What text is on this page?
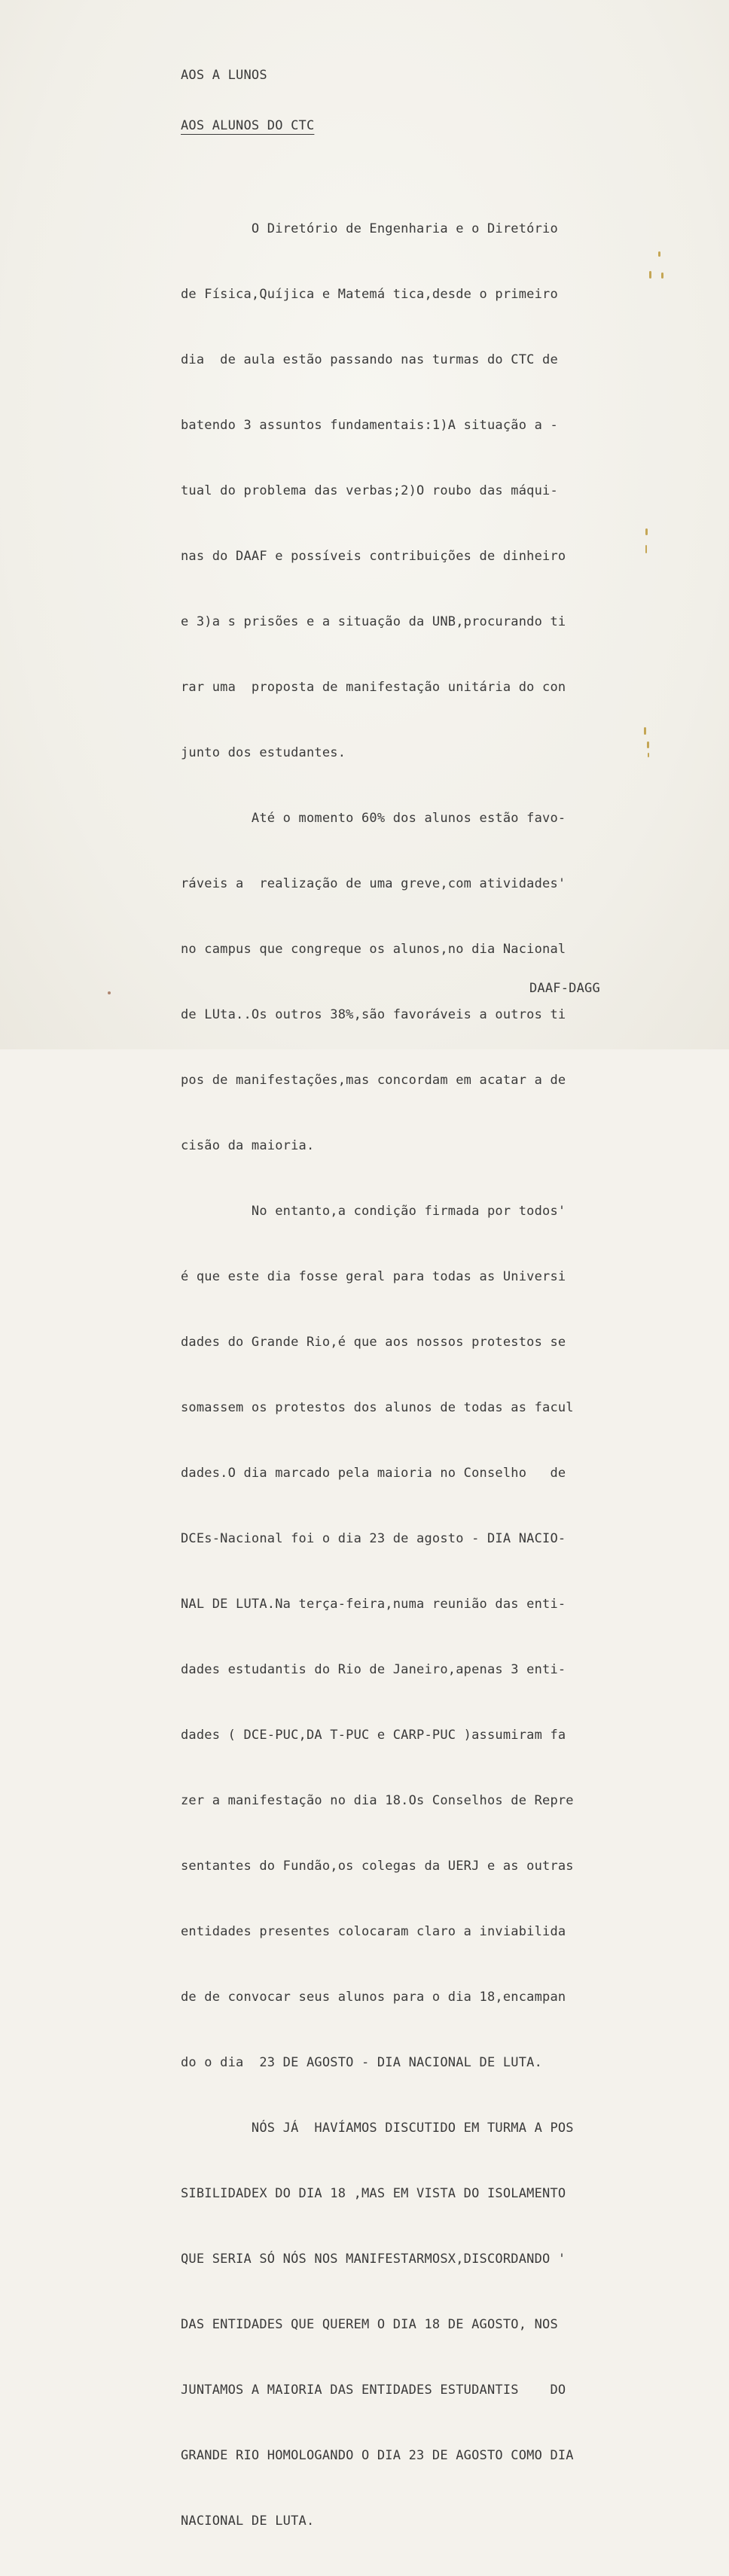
AOS A LUNOS
AOS ALUNOS DO CTC

O Diretório de Engenharia e o Diretório

de Física,Quíjica e Matemá tica,desde o primeiro

dia  de aula estão passando nas turmas do CTC de

batendo 3 assuntos fundamentais:1)A situação a -

tual do problema das verbas;2)O roubo das máqui-

nas do DAAF e possíveis contribuições de dinheiro

e 3)a s prisões e a situação da UNB,procurando ti

rar uma  proposta de manifestação unitária do con

junto dos estudantes.

Até o momento 60% dos alunos estão favo-

ráveis a  realização de uma greve,com atividades'

no campus que congreque os alunos,no dia Nacional

de LUta..Os outros 38%,são favoráveis a outros ti

pos de manifestações,mas concordam em acatar a de

cisão da maioria.

No entanto,a condição firmada por todos'

é que este dia fosse geral para todas as Universi

dades do Grande Rio,é que aos nossos protestos se

somassem os protestos dos alunos de todas as facul

dades.O dia marcado pela maioria no Conselho   de

DCEs-Nacional foi o dia 23 de agosto - DIA NACIO-

NAL DE LUTA.Na terça-feira,numa reunião das enti-

dades estudantis do Rio de Janeiro,apenas 3 enti-

dades ( DCE-PUC,DA T-PUC e CARP-PUC )assumiram fa

zer a manifestação no dia 18.Os Conselhos de Repre

sentantes do Fundão,os colegas da UERJ e as outras

entidades presentes colocaram claro a inviabilida

de de convocar seus alunos para o dia 18,encampan

do o dia  23 DE AGOSTO - DIA NACIONAL DE LUTA.

NÓS JÁ  HAVÍAMOS DISCUTIDO EM TURMA A POS

SIBILIDADEX DO DIA 18 ,MAS EM VISTA DO ISOLAMENTO

QUE SERIA SÓ NÓS NOS MANIFESTARMOSX,DISCORDANDO '

DAS ENTIDADES QUE QUEREM O DIA 18 DE AGOSTO, NOS

JUNTAMOS A MAIORIA DAS ENTIDADES ESTUDANTIS    DO

GRANDE RIO HOMOLOGANDO O DIA 23 DE AGOSTO COMO DIA

NACIONAL DE LUTA.

DAAF-DAGG
